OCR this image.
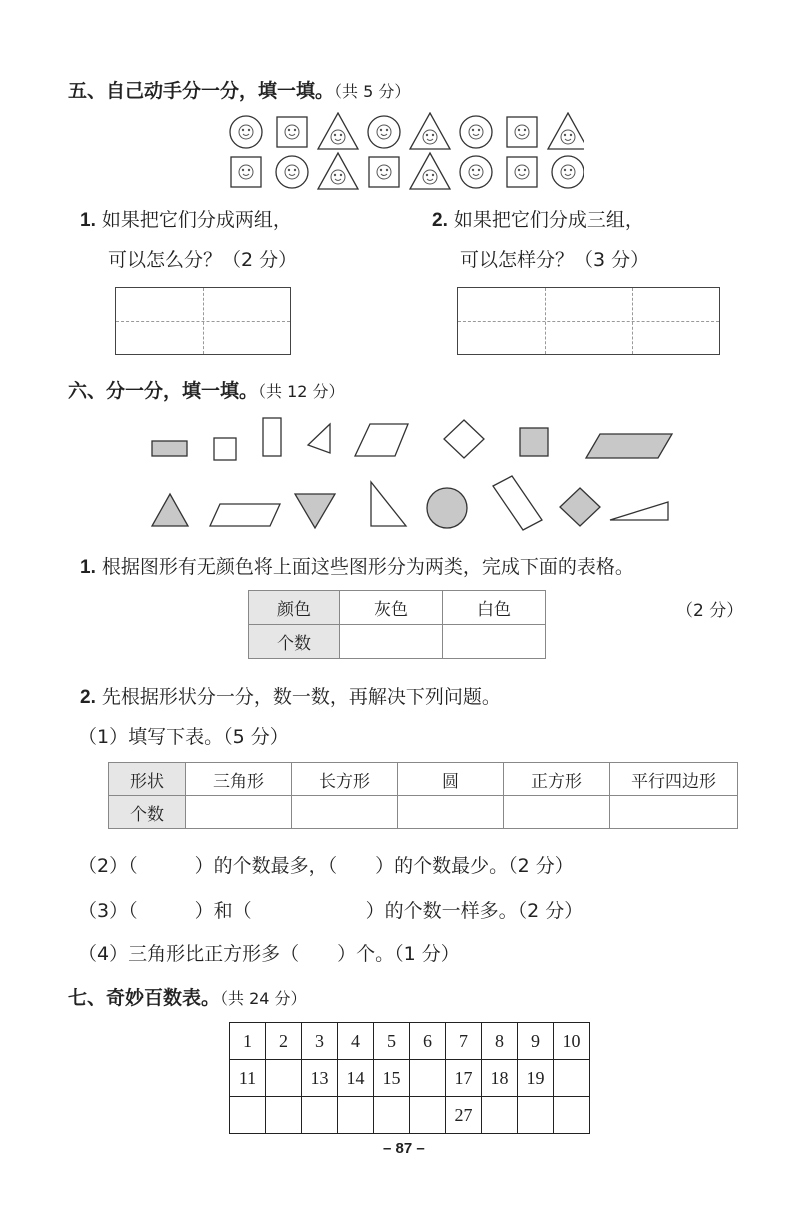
五、自己动手分一分，填一填。（共 5 分）
1. 如果把它们分成两组，
可以怎么分？（2 分）
2. 如果把它们分成三组，
可以怎样分？（3 分）
六、分一分，填一填。（共 12 分）
1. 根据图形有无颜色将上面这些图形分为两类，完成下面的表格。
颜色	灰色	白色
个数		
（2 分）
2. 先根据形状分一分，数一数，再解决下列问题。
（1）填写下表。（5 分）
形状	三角形	长方形	圆	正方形	平行四边形
个数					
（2）（　　　）的个数最多，（　　）的个数最少。（2 分）
（3）（　　　）和（　　　　　　）的个数一样多。（2 分）
（4）三角形比正方形多（　　）个。（1 分）
七、奇妙百数表。（共 24 分）
1	2	3	4	5	6	7	8	9	10
11		13	14	15		17	18	19	
						27			
– 87 –
